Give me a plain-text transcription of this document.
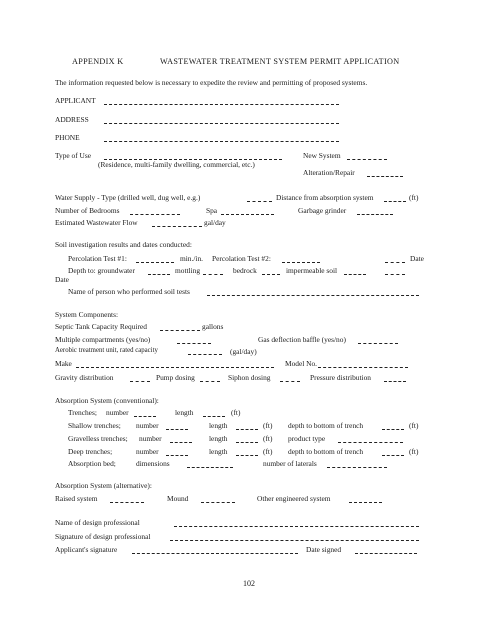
APPENDIX K	WASTEWATER TREATMENT SYSTEM PERMIT APPLICATION
The information requested below is necessary to expedite the review and permitting of proposed systems.
APPLICANT
ADDRESS
PHONE
Type of Use
(Residence, multi-family dwelling, commercial, etc.)
New System
Alteration/Repair
Water Supply - Type (drilled well, dug well, e.g.)	Distance from absorption system	(ft)
Number of Bedrooms	Spa	Garbage grinder
Estimated Wastewater Flow	gal/day
Soil investigation results and dates conducted:
Percolation Test #1:	min./in. Percolation Test #2:	Date
Depth to: groundwater	mottling	bedrock	impermeable soil
Date
Name of person who performed soil tests
System Components:
Septic Tank Capacity Required	gallons
Multiple compartments (yes/no)	Gas deflection baffle (yes/no)
Aerobic treatment unit, rated capacity	(gal/day)
Make	Model No.
Gravity distribution	Pump dosing	Siphon dosing	Pressure distribution
Absorption System (conventional):
Trenches; number	length	(ft)
Shallow trenches; number	length	(ft) depth to bottom of trench	(ft)
Gravelless trenches; number	length	(ft) product type
Deep trenches;	number	length	(ft) depth to bottom of trench	(ft)
Absorption bed;	dimensions	number of laterals
Absorption System (alternative):
Raised system	Mound	Other engineered system
Name of design professional
Signature of design professional
Applicant's signature	Date signed
102
